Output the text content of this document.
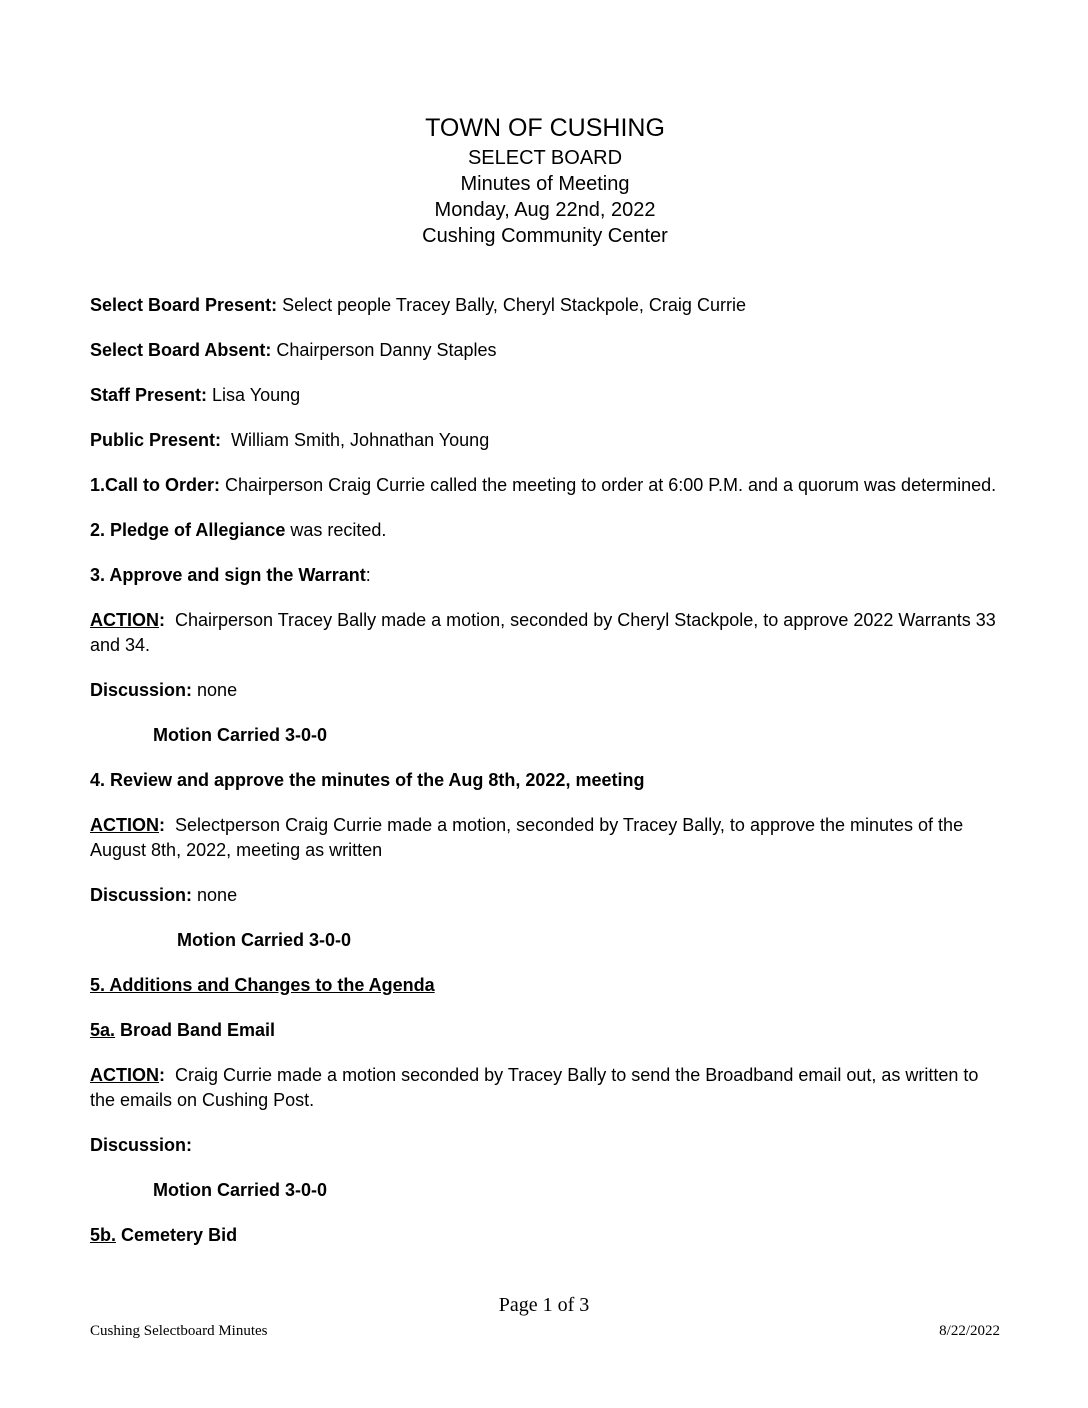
TOWN OF CUSHING
SELECT BOARD
Minutes of Meeting
Monday, Aug 22nd, 2022
Cushing Community Center

Select Board Present: Select people Tracey Bally, Cheryl Stackpole, Craig Currie

Select Board Absent: Chairperson Danny Staples

Staff Present: Lisa Young

Public Present:  William Smith, Johnathan Young

1.Call to Order: Chairperson Craig Currie called the meeting to order at 6:00 P.M. and a quorum was determined.

2. Pledge of Allegiance was recited.

3. Approve and sign the Warrant:

ACTION:  Chairperson Tracey Bally made a motion, seconded by Cheryl Stackpole, to approve 2022 Warrants 33 and 34.

Discussion: none

Motion Carried 3-0-0

4. Review and approve the minutes of the Aug 8th, 2022, meeting

ACTION:  Selectperson Craig Currie made a motion, seconded by Tracey Bally, to approve the minutes of the August 8th, 2022, meeting as written

Discussion: none

Motion Carried 3-0-0

5. Additions and Changes to the Agenda

5a. Broad Band Email

ACTION:  Craig Currie made a motion seconded by Tracey Bally to send the Broadband email out, as written to the emails on Cushing Post.

Discussion:

Motion Carried 3-0-0

5b. Cemetery Bid

Page 1 of 3
Cushing Selectboard Minutes	8/22/2022
